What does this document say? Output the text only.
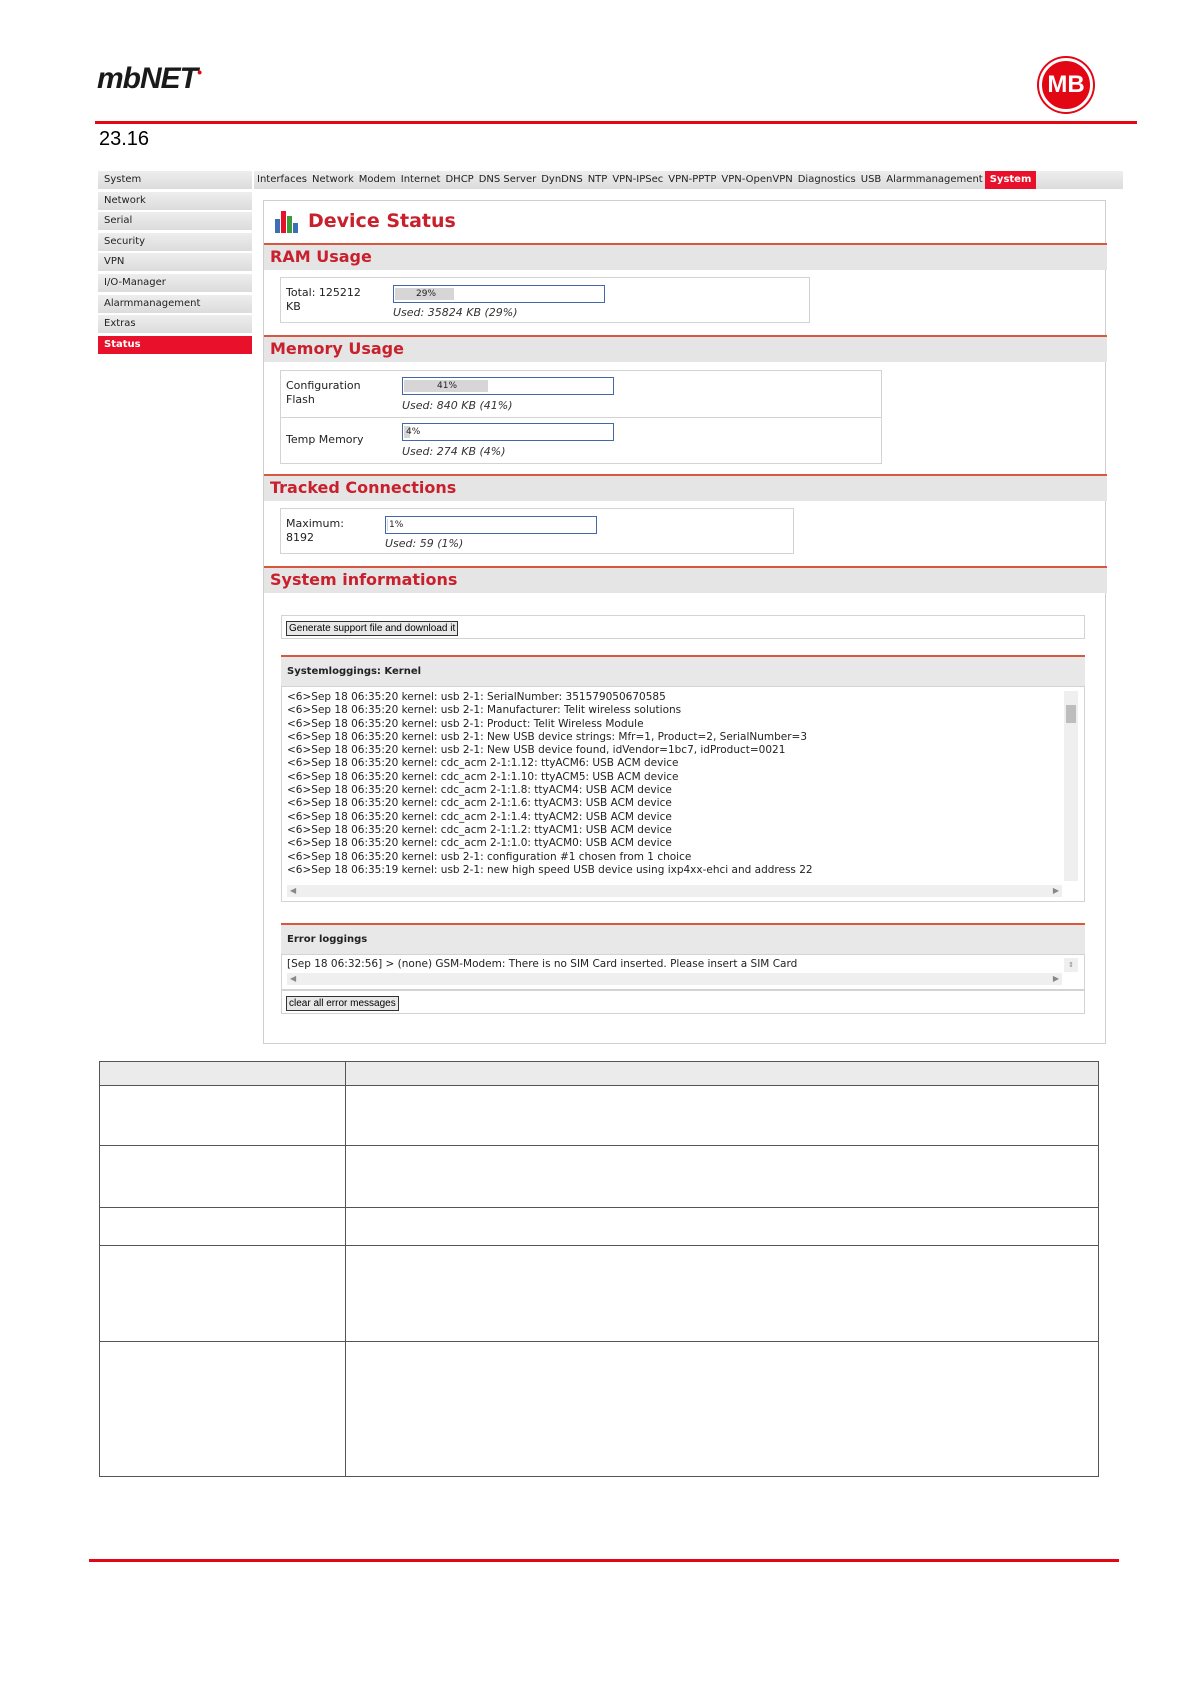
mbNET•	MB
23.16
System
Network
Serial
Security
VPN
I/O-Manager
Alarmmanagement
Extras
Status
Interfaces Network Modem Internet DHCP DNS Server DynDNS NTP VPN-IPSec VPN-PPTP VPN-OpenVPN Diagnostics USB Alarmmanagement System
Device Status
RAM Usage
Total: 125212 KB
29%
Used: 35824 KB (29%)
Memory Usage
Configuration Flash
41%
Used: 840 KB (41%)
Temp Memory
4%
Used: 274 KB (4%)
Tracked Connections
Maximum: 8192
1%
Used: 59 (1%)
System informations
Generate support file and download it
Systemloggings: Kernel
<6>Sep 18 06:35:20 kernel: usb 2-1: SerialNumber: 351579050670585
<6>Sep 18 06:35:20 kernel: usb 2-1: Manufacturer: Telit wireless solutions
<6>Sep 18 06:35:20 kernel: usb 2-1: Product: Telit Wireless Module
<6>Sep 18 06:35:20 kernel: usb 2-1: New USB device strings: Mfr=1, Product=2, SerialNumber=3
<6>Sep 18 06:35:20 kernel: usb 2-1: New USB device found, idVendor=1bc7, idProduct=0021
<6>Sep 18 06:35:20 kernel: cdc_acm 2-1:1.12: ttyACM6: USB ACM device
<6>Sep 18 06:35:20 kernel: cdc_acm 2-1:1.10: ttyACM5: USB ACM device
<6>Sep 18 06:35:20 kernel: cdc_acm 2-1:1.8: ttyACM4: USB ACM device
<6>Sep 18 06:35:20 kernel: cdc_acm 2-1:1.6: ttyACM3: USB ACM device
<6>Sep 18 06:35:20 kernel: cdc_acm 2-1:1.4: ttyACM2: USB ACM device
<6>Sep 18 06:35:20 kernel: cdc_acm 2-1:1.2: ttyACM1: USB ACM device
<6>Sep 18 06:35:20 kernel: cdc_acm 2-1:1.0: ttyACM0: USB ACM device
<6>Sep 18 06:35:20 kernel: usb 2-1: configuration #1 chosen from 1 choice
<6>Sep 18 06:35:19 kernel: usb 2-1: new high speed USB device using ixp4xx-ehci and address 22
◀	▶
Error loggings
[Sep 18 06:32:56] > (none) GSM-Modem: There is no SIM Card inserted. Please insert a SIM Card	⇕
◀	▶
clear all error messages
